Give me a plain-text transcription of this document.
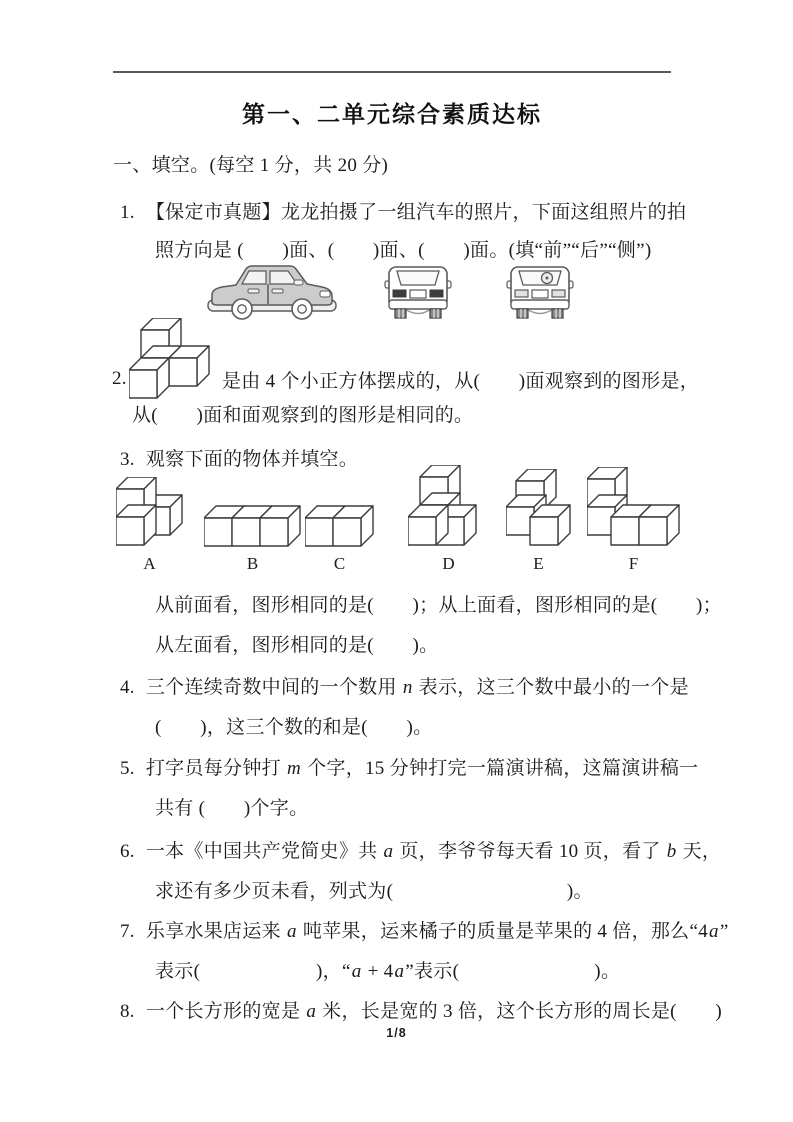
第一、二单元综合素质达标
一、填空。(每空 1 分，共 20 分)
1. 【保定市真题】龙龙拍摄了一组汽车的照片，下面这组照片的拍
照方向是 (　　)面、(　　)面、(　　)面。(填“前”“后”“侧”)
2.	是由 4 个小正方体摆成的，从(　　)面观察到的图形是，
从(　　)面和面观察到的图形是相同的。
3. 观察下面的物体并填空。
A	B	C	D	E	F
从前面看，图形相同的是(　　)；从上面看，图形相同的是(　　)；
从左面看，图形相同的是(　　)。
4. 三个连续奇数中间的一个数用 n 表示，这三个数中最小的一个是
(　　)，这三个数的和是(　　)。
5. 打字员每分钟打 m 个字，15 分钟打完一篇演讲稿，这篇演讲稿一
共有 (　　)个字。
6. 一本《中国共产党简史》共 a 页，李爷爷每天看 10 页，看了 b 天，
求还有多少页未看，列式为(　　　　　　　　　)。
7. 乐享水果店运来 a 吨苹果，运来橘子的质量是苹果的 4 倍，那么“4a”
表示(　　　　　　)，“a + 4a”表示(　　　　　　　)。
8. 一个长方形的宽是 a 米，长是宽的 3 倍，这个长方形的周长是(　　)
1/8
